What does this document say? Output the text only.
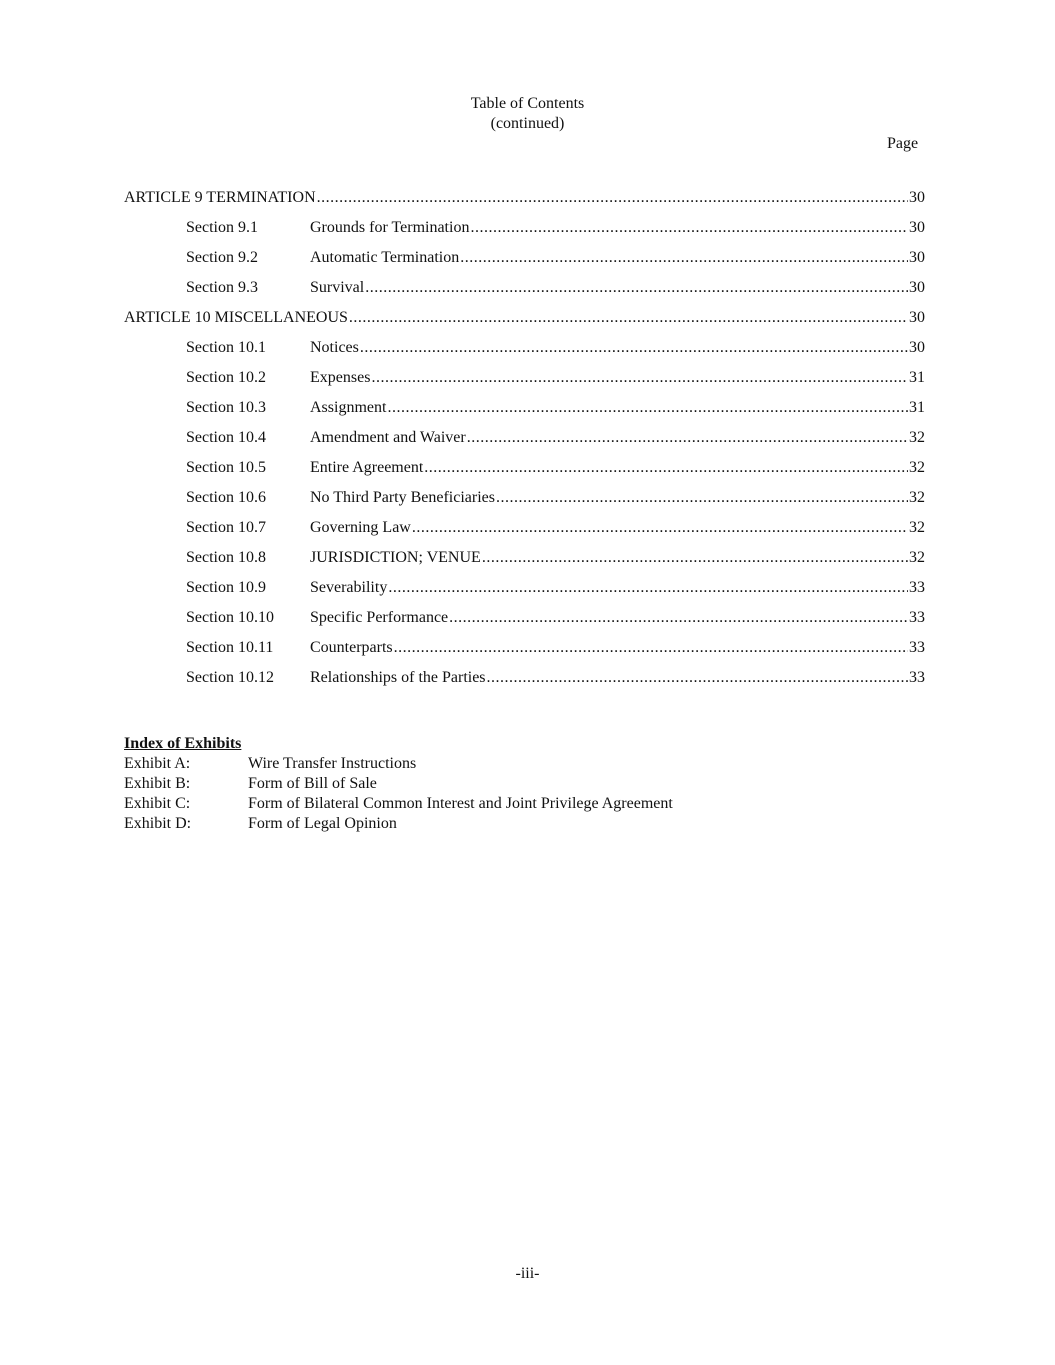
Table of Contents
(continued)
Page
ARTICLE 9 TERMINATION .....	30
Section 9.1	Grounds for Termination .....	30
Section 9.2	Automatic Termination .....	30
Section 9.3	Survival .....	30
ARTICLE 10 MISCELLANEOUS .....	30
Section 10.1	Notices .....	30
Section 10.2	Expenses .....	31
Section 10.3	Assignment .....	31
Section 10.4	Amendment and Waiver .....	32
Section 10.5	Entire Agreement .....	32
Section 10.6	No Third Party Beneficiaries .....	32
Section 10.7	Governing Law .....	32
Section 10.8	JURISDICTION; VENUE .....	32
Section 10.9	Severability .....	33
Section 10.10	Specific Performance .....	33
Section 10.11	Counterparts .....	33
Section 10.12	Relationships of the Parties .....	33
Index of Exhibits
Exhibit A:	Wire Transfer Instructions
Exhibit B:	Form of Bill of Sale
Exhibit C:	Form of Bilateral Common Interest and Joint Privilege Agreement
Exhibit D:	Form of Legal Opinion
-iii-
